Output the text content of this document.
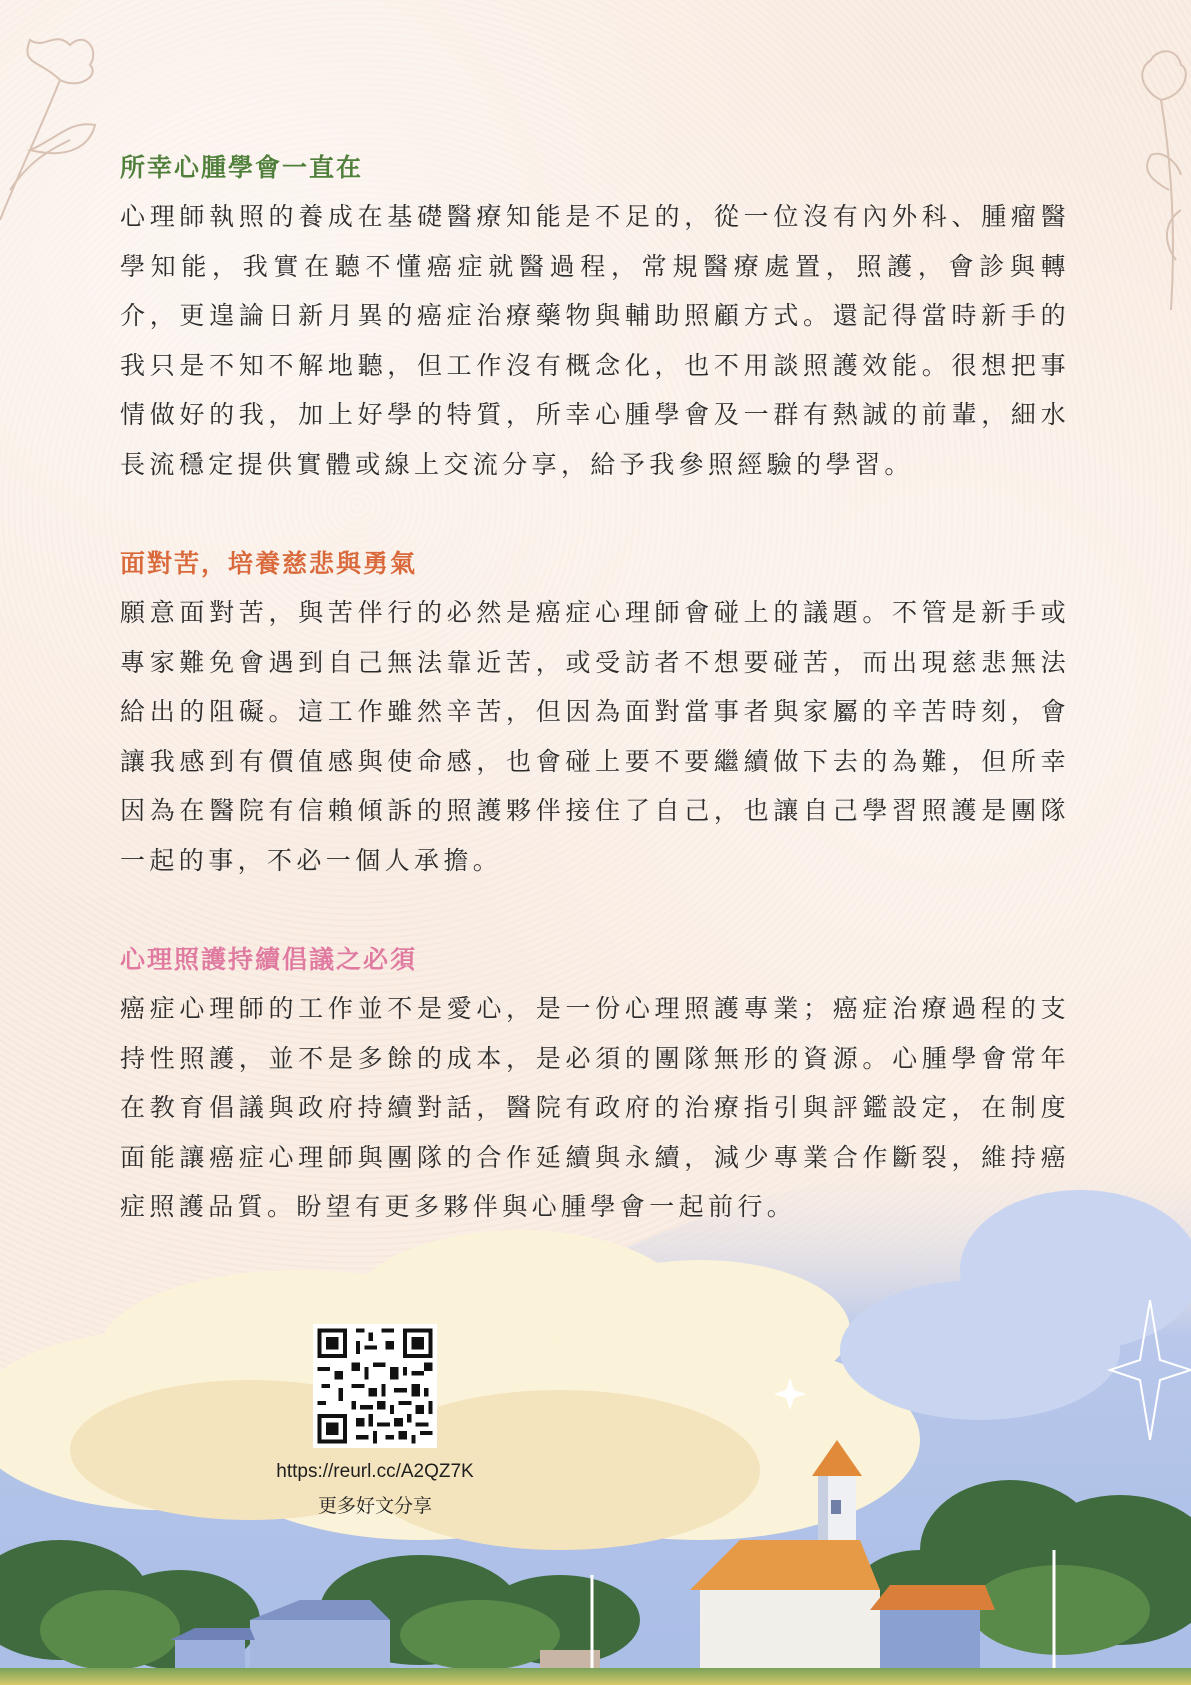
所幸心腫學會一直在

心理師執照的養成在基礎醫療知能是不足的，從一位沒有內外科、腫瘤醫學知能，我實在聽不懂癌症就醫過程，常規醫療處置，照護，會診與轉介，更遑論日新月異的癌症治療藥物與輔助照顧方式。還記得當時新手的我只是不知不解地聽，但工作沒有概念化，也不用談照護效能。很想把事情做好的我，加上好學的特質，所幸心腫學會及一群有熱誠的前輩，細水長流穩定提供實體或線上交流分享，給予我參照經驗的學習。

面對苦，培養慈悲與勇氣

願意面對苦，與苦伴行的必然是癌症心理師會碰上的議題。不管是新手或專家難免會遇到自己無法靠近苦，或受訪者不想要碰苦，而出現慈悲無法給出的阻礙。這工作雖然辛苦，但因為面對當事者與家屬的辛苦時刻，會讓我感到有價值感與使命感，也會碰上要不要繼續做下去的為難，但所幸因為在醫院有信賴傾訴的照護夥伴接住了自己，也讓自己學習照護是團隊一起的事，不必一個人承擔。

心理照護持續倡議之必須

癌症心理師的工作並不是愛心，是一份心理照護專業；癌症治療過程的支持性照護，並不是多餘的成本，是必須的團隊無形的資源。心腫學會常年在教育倡議與政府持續對話，醫院有政府的治療指引與評鑑設定，在制度面能讓癌症心理師與團隊的合作延續與永續，減少專業合作斷裂，維持癌症照護品質。盼望有更多夥伴與心腫學會一起前行。

https://reurl.cc/A2QZ7K
更多好文分享
